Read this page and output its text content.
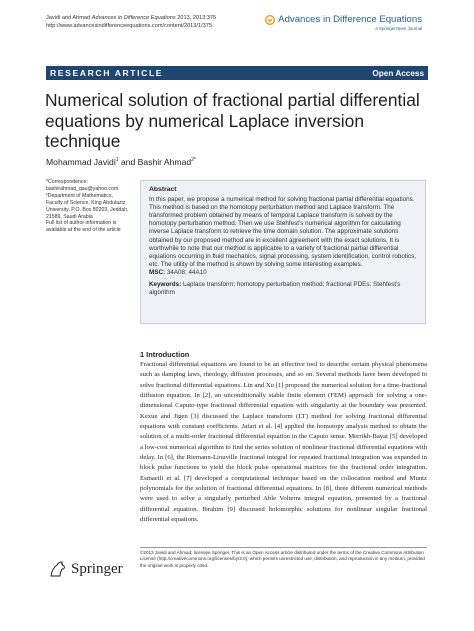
Javidi and Ahmad Advances in Difference Equations 2013, 2013:375
http://www.advancesindifferenceequations.com/content/2013/1/375
Advances in Difference Equations
a SpringerOpen Journal
RESEARCH ARTICLE	Open Access
Numerical solution of fractional partial differential equations by numerical Laplace inversion technique
Mohammad Javidi$^1$ and Bashir Ahmad$^{2*}$
*Correspondence:
bashirahmad_qau@yahoo.com
²Department of Mathematics,
Faculty of Science, King Abdulaziz
University, P.O. Box 80203, Jeddah,
21589, Saudi Arabia
Full list of author information is
available at the end of the article
Abstract
In this paper, we propose a numerical method for solving fractional partial differential equations. This method is based on the homotopy perturbation method and Laplace transform. The transformed problem obtained by means of temporal Laplace transform is solved by the homotopy perturbation method. Then we use Stehfest's numerical algorithm for calculating inverse Laplace transform to retrieve the time domain solution. The approximate solutions obtained by our proposed method are in excellent agreement with the exact solutions. It is worthwhile to note that our method is applicable to a variety of fractional partial differential equations occurring in fluid mechanics, signal processing, system identification, control robotics, etc. The utility of the method is shown by solving some interesting examples.
MSC: 34A08; 44A10
Keywords: Laplace transform; homotopy perturbation method; fractional PDEs; Stehfest's algorithm
1 Introduction
Fractional differential equations are found to be an effective tool to describe certain physical phenomena such as damping laws, rheology, diffusion processes, and so on. Several methods have been developed to solve fractional differential equations. Lin and Xu [1] proposed the numerical solution for a time-fractional diffusion equation. In [2], an unconditionally stable finite element (FEM) approach for solving a one-dimensional Caputo-type fractional differential equation with singularity at the boundary was presented. Kexue and Jigen [3] discussed the Laplace transform (LT) method for solving fractional differential equations with constant coefficients. Jafari et al. [4] applied the homotopy analysis method to obtain the solution of a multi-order fractional differential equation in the Caputo sense. Merrikh-Bayat [5] developed a low-cost numerical algorithm to find the series solution of nonlinear fractional differential equations with delay. In [6], the Riemann-Liouville fractional integral for repeated fractional integration was expanded in block pulse functions to yield the block pulse operational matrices for the fractional order integration. Esmaeili et al. [7] developed a computational technique based on the collocation method and Muntz polynomials for the solution of fractional differential equations. In [8], three different numerical methods were used to solve a singularly perturbed Able Volterra integral equation, presented by a fractional differential equation. Ibrahim [9] discussed holomorphic solutions for nonlinear singular fractional differential equations.
©2013 Javidi and Ahmad; licensee Springer. This is an Open Access article distributed under the terms of the Creative Commons Attribution License (http://creativecommons.org/licenses/by/2.0), which permits unrestricted use, distribution, and reproduction in any medium, provided the original work is properly cited.
Springer
